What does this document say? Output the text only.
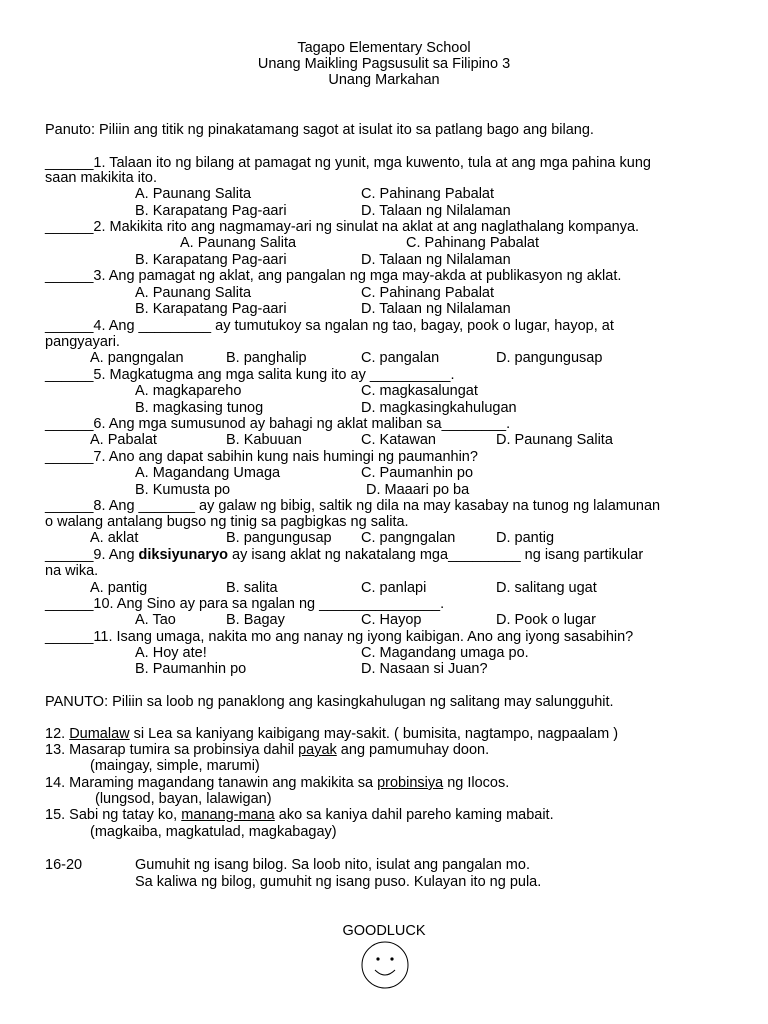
Tagapo Elementary School
Unang Maikling Pagsusulit sa Filipino 3
Unang Markahan
Panuto: Piliin ang titik ng pinakatamang sagot at isulat ito sa patlang bago ang bilang.
______1. Talaan ito ng bilang at pamagat ng yunit, mga kuwento, tula at ang mga pahina kung
saan makikita ito.
A. Paunang Salita	C. Pahinang Pabalat
B. Karapatang Pag-aari	D. Talaan ng Nilalaman
______2. Makikita rito ang nagmamay-ari ng sinulat na aklat at ang naglathalang kompanya.
A. Paunang Salita	C. Pahinang Pabalat
B. Karapatang Pag-aari	D. Talaan ng Nilalaman
______3. Ang pamagat ng aklat, ang pangalan ng mga may-akda at publikasyon ng aklat.
A. Paunang Salita	C. Pahinang Pabalat
B. Karapatang Pag-aari	D. Talaan ng Nilalaman
______4. Ang _________ ay tumutukoy sa ngalan ng tao, bagay, pook o lugar, hayop, at
pangyayari.
A. pangngalan	B. panghalip	C. pangalan	D. pangungusap
______5. Magkatugma ang mga salita kung ito ay __________.
A. magkapareho	C. magkasalungat
B. magkasing tunog	D. magkasingkahulugan
______6. Ang mga sumusunod ay bahagi ng aklat maliban sa________.
A. Pabalat	B. Kabuuan	C. Katawan	D. Paunang Salita
______7. Ano ang dapat sabihin kung nais humingi ng paumanhin?
A. Magandang Umaga	C. Paumanhin po
B. Kumusta po	D. Maaari po ba
______8. Ang _______ ay galaw ng bibig, saltik ng dila na may kasabay na tunog ng lalamunan
o walang antalang bugso ng tinig sa pagbigkas ng salita.
A. aklat	B. pangungusap C. pangngalan	D. pantig
______9. Ang diksiyunaryo ay isang aklat ng nakatalang mga_________ ng isang partikular
na wika.
A. pantig	B. salita	C. panlapi	D. salitang ugat
______10. Ang Sino ay para sa ngalan ng _______________.
A. Tao	B. Bagay	C. Hayop	D. Pook o lugar
______11. Isang umaga, nakita mo ang nanay ng iyong kaibigan. Ano ang iyong sasabihin?
A. Hoy ate!	C. Magandang umaga po.
B. Paumanhin po	D. Nasaan si Juan?
PANUTO: Piliin sa loob ng panaklong ang kasingkahulugan ng salitang may salungguhit.
12. Dumalaw si Lea sa kaniyang kaibigang may-sakit. ( bumisita, nagtampo, nagpaalam )
13. Masarap tumira sa probinsiya dahil payak ang pamumuhay doon.
(maingay, simple, marumi)
14. Maraming magandang tanawin ang makikita sa probinsiya ng Ilocos.
(lungsod, bayan, lalawigan)
15. Sabi ng tatay ko, manang-mana ako sa kaniya dahil pareho kaming mabait.
(magkaiba, magkatulad, magkabagay)
16-20	Gumuhit ng isang bilog. Sa loob nito, isulat ang pangalan mo.
Sa kaliwa ng bilog, gumuhit ng isang puso. Kulayan ito ng pula.
GOODLUCK
